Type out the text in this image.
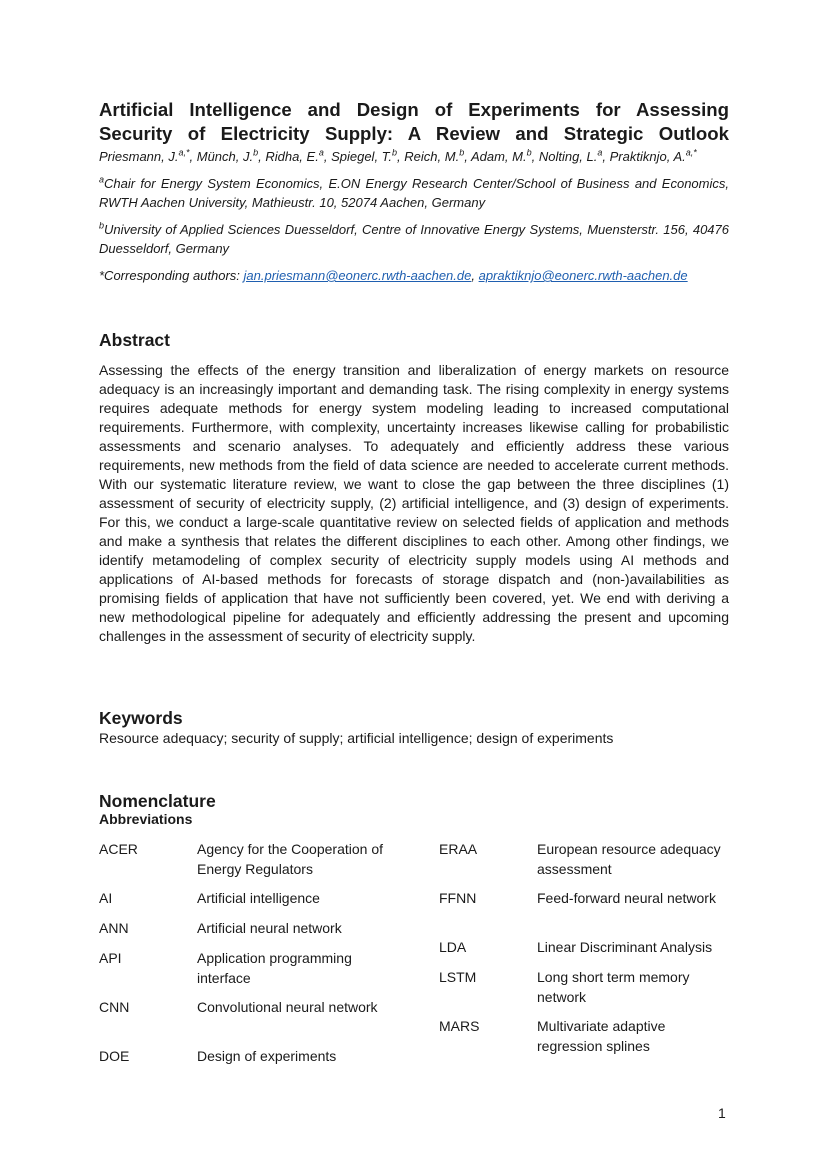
Artificial Intelligence and Design of Experiments for Assessing Security of Electricity Supply: A Review and Strategic Outlook
Priesmann, J.$^{a,*}$, Münch, J.$^b$, Ridha, E.$^a$, Spiegel, T.$^b$, Reich, M.$^b$, Adam, M.$^b$, Nolting, L.$^a$, Praktiknjo, A.$^{a,*}$
$^a$Chair for Energy System Economics, E.ON Energy Research Center/School of Business and Economics, RWTH Aachen University, Mathieustr. 10, 52074 Aachen, Germany
$^b$University of Applied Sciences Duesseldorf, Centre of Innovative Energy Systems, Muensterstr. 156, 40476 Duesseldorf, Germany
*Corresponding authors: jan.priesmann@eonerc.rwth-aachen.de, apraktiknjo@eonerc.rwth-aachen.de
Abstract
Assessing the effects of the energy transition and liberalization of energy markets on resource adequacy is an increasingly important and demanding task. The rising complexity in energy systems requires adequate methods for energy system modeling leading to increased computational requirements. Furthermore, with complexity, uncertainty increases likewise calling for probabilistic assessments and scenario analyses. To adequately and efficiently address these various requirements, new methods from the field of data science are needed to accelerate current methods. With our systematic literature review, we want to close the gap between the three disciplines (1) assessment of security of electricity supply, (2) artificial intelligence, and (3) design of experiments. For this, we conduct a large-scale quantitative review on selected fields of application and methods and make a synthesis that relates the different disciplines to each other. Among other findings, we identify metamodeling of complex security of electricity supply models using AI methods and applications of AI-based methods for forecasts of storage dispatch and (non-)availabilities as promising fields of application that have not sufficiently been covered, yet. We end with deriving a new methodological pipeline for adequately and efficiently addressing the present and upcoming challenges in the assessment of security of electricity supply.
Keywords
Resource adequacy; security of supply; artificial intelligence; design of experiments
Nomenclature
Abbreviations
ACER	Agency for the Cooperation of Energy Regulators
AI	Artificial intelligence
ANN	Artificial neural network
API	Application programming interface
CNN	Convolutional neural network
DOE	Design of experiments
ERAA	European resource adequacy assessment
FFNN	Feed-forward neural network
LDA	Linear Discriminant Analysis
LSTM	Long short term memory network
MARS	Multivariate adaptive regression splines
1
